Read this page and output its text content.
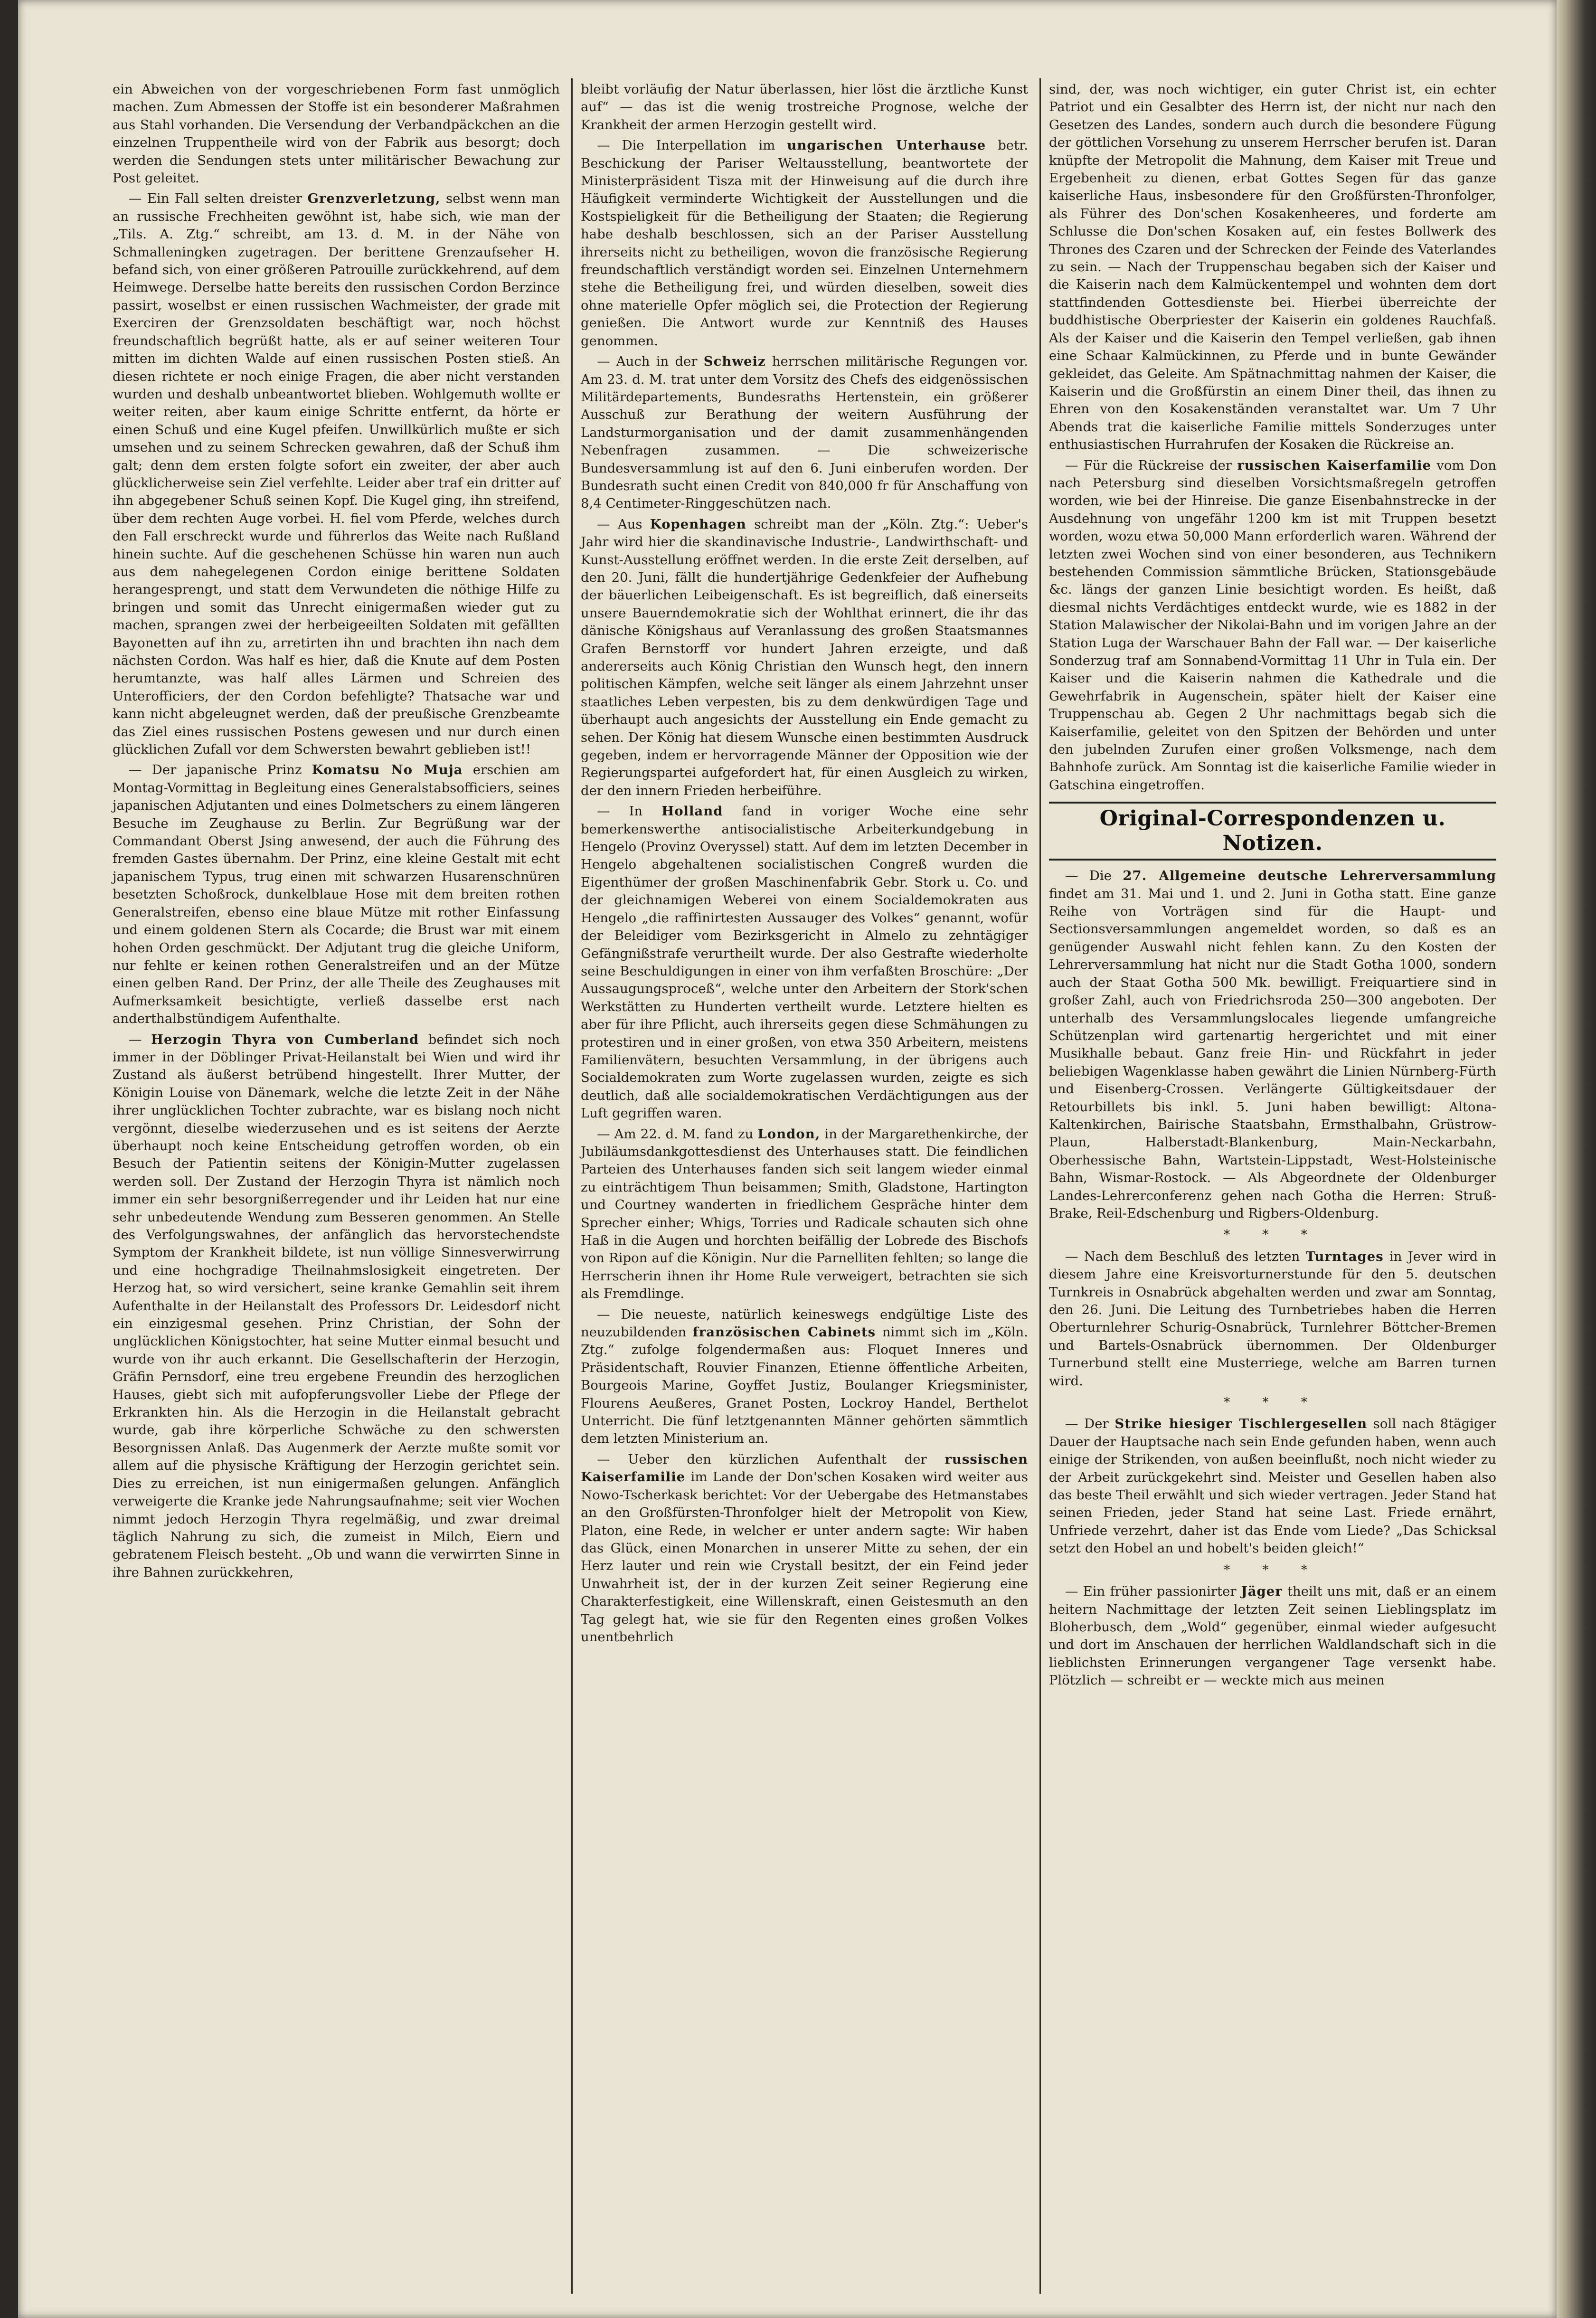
ein Abweichen von der vorgeschriebenen Form fast unmöglich machen. Zum Abmessen der Stoffe ist ein besonderer Maßrahmen aus Stahl vorhanden. Die Versendung der Verbandpäckchen an die einzelnen Truppentheile wird von der Fabrik aus besorgt; doch werden die Sendungen stets unter militärischer Bewachung zur Post geleitet.

— Ein Fall selten dreister Grenzverletzung, selbst wenn man an russische Frechheiten gewöhnt ist, habe sich, wie man der „Tils. A. Ztg.“ schreibt, am 13. d. M. in der Nähe von Schmalleningken zugetragen. Der berittene Grenzaufseher H. befand sich, von einer größeren Patrouille zurückkehrend, auf dem Heimwege. Derselbe hatte bereits den russischen Cordon Berzince passirt, woselbst er einen russischen Wachmeister, der grade mit Exerciren der Grenzsoldaten beschäftigt war, noch höchst freundschaftlich begrüßt hatte, als er auf seiner weiteren Tour mitten im dichten Walde auf einen russischen Posten stieß. An diesen richtete er noch einige Fragen, die aber nicht verstanden wurden und deshalb unbeantwortet blieben. Wohlgemuth wollte er weiter reiten, aber kaum einige Schritte entfernt, da hörte er einen Schuß und eine Kugel pfeifen. Unwillkürlich mußte er sich umsehen und zu seinem Schrecken gewahren, daß der Schuß ihm galt; denn dem ersten folgte sofort ein zweiter, der aber auch glücklicherweise sein Ziel verfehlte. Leider aber traf ein dritter auf ihn abgegebener Schuß seinen Kopf. Die Kugel ging, ihn streifend, über dem rechten Auge vorbei. H. fiel vom Pferde, welches durch den Fall erschreckt wurde und führerlos das Weite nach Rußland hinein suchte. Auf die geschehenen Schüsse hin waren nun auch aus dem nahegelegenen Cordon einige berittene Soldaten herangesprengt, und statt dem Verwundeten die nöthige Hilfe zu bringen und somit das Unrecht einigermaßen wieder gut zu machen, sprangen zwei der herbeigeeilten Soldaten mit gefällten Bayonetten auf ihn zu, arretirten ihn und brachten ihn nach dem nächsten Cordon. Was half es hier, daß die Knute auf dem Posten herumtanzte, was half alles Lärmen und Schreien des Unterofficiers, der den Cordon befehligte? Thatsache war und kann nicht abgeleugnet werden, daß der preußische Grenzbeamte das Ziel eines russischen Postens gewesen und nur durch einen glücklichen Zufall vor dem Schwersten bewahrt geblieben ist!!

— Der japanische Prinz Komatsu No Muja erschien am Montag-Vormittag in Begleitung eines Generalstabsofficiers, seines japanischen Adjutanten und eines Dolmetschers zu einem längeren Besuche im Zeughause zu Berlin. Zur Begrüßung war der Commandant Oberst Jsing anwesend, der auch die Führung des fremden Gastes übernahm. Der Prinz, eine kleine Gestalt mit echt japanischem Typus, trug einen mit schwarzen Husarenschnüren besetzten Schoßrock, dunkelblaue Hose mit dem breiten rothen Generalstreifen, ebenso eine blaue Mütze mit rother Einfassung und einem goldenen Stern als Cocarde; die Brust war mit einem hohen Orden geschmückt. Der Adjutant trug die gleiche Uniform, nur fehlte er keinen rothen Generalstreifen und an der Mütze einen gelben Rand. Der Prinz, der alle Theile des Zeughauses mit Aufmerksamkeit besichtigte, verließ dasselbe erst nach anderthalbstündigem Aufenthalte.

— Herzogin Thyra von Cumberland befindet sich noch immer in der Döblinger Privat-Heilanstalt bei Wien und wird ihr Zustand als äußerst betrübend hingestellt. Ihrer Mutter, der Königin Louise von Dänemark, welche die letzte Zeit in der Nähe ihrer unglücklichen Tochter zubrachte, war es bislang noch nicht vergönnt, dieselbe wiederzusehen und es ist seitens der Aerzte überhaupt noch keine Entscheidung getroffen worden, ob ein Besuch der Patientin seitens der Königin-Mutter zugelassen werden soll. Der Zustand der Herzogin Thyra ist nämlich noch immer ein sehr besorgnißerregender und ihr Leiden hat nur eine sehr unbedeutende Wendung zum Besseren genommen. An Stelle des Verfolgungswahnes, der anfänglich das hervorstechendste Symptom der Krankheit bildete, ist nun völlige Sinnesverwirrung und eine hochgradige Theilnahmslosigkeit eingetreten. Der Herzog hat, so wird versichert, seine kranke Gemahlin seit ihrem Aufenthalte in der Heilanstalt des Professors Dr. Leidesdorf nicht ein einzigesmal gesehen. Prinz Christian, der Sohn der unglücklichen Königstochter, hat seine Mutter einmal besucht und wurde von ihr auch erkannt. Die Gesellschafterin der Herzogin, Gräfin Pernsdorf, eine treu ergebene Freundin des herzoglichen Hauses, giebt sich mit aufopferungsvoller Liebe der Pflege der Erkrankten hin. Als die Herzogin in die Heilanstalt gebracht wurde, gab ihre körperliche Schwäche zu den schwersten Besorgnissen Anlaß. Das Augenmerk der Aerzte mußte somit vor allem auf die physische Kräftigung der Herzogin gerichtet sein. Dies zu erreichen, ist nun einigermaßen gelungen. Anfänglich verweigerte die Kranke jede Nahrungsaufnahme; seit vier Wochen nimmt jedoch Herzogin Thyra regelmäßig, und zwar dreimal täglich Nahrung zu sich, die zumeist in Milch, Eiern und gebratenem Fleisch besteht. „Ob und wann die verwirrten Sinne in ihre Bahnen zurückkehren,

bleibt vorläufig der Natur überlassen, hier löst die ärztliche Kunst auf“ — das ist die wenig trostreiche Prognose, welche der Krankheit der armen Herzogin gestellt wird.

— Die Interpellation im ungarischen Unterhause betr. Beschickung der Pariser Weltausstellung, beantwortete der Ministerpräsident Tisza mit der Hinweisung auf die durch ihre Häufigkeit verminderte Wichtigkeit der Ausstellungen und die Kostspieligkeit für die Betheiligung der Staaten; die Regierung habe deshalb beschlossen, sich an der Pariser Ausstellung ihrerseits nicht zu betheiligen, wovon die französische Regierung freundschaftlich verständigt worden sei. Einzelnen Unternehmern stehe die Betheiligung frei, und würden dieselben, soweit dies ohne materielle Opfer möglich sei, die Protection der Regierung genießen. Die Antwort wurde zur Kenntniß des Hauses genommen.

— Auch in der Schweiz herrschen militärische Regungen vor. Am 23. d. M. trat unter dem Vorsitz des Chefs des eidgenössischen Militärdepartements, Bundesraths Hertenstein, ein größerer Ausschuß zur Berathung der weitern Ausführung der Landsturmorganisation und der damit zusammenhängenden Nebenfragen zusammen. — Die schweizerische Bundesversammlung ist auf den 6. Juni einberufen worden. Der Bundesrath sucht einen Credit von 840,000 fr für Anschaffung von 8,4 Centimeter-Ringgeschützen nach.

— Aus Kopenhagen schreibt man der „Köln. Ztg.“: Ueber's Jahr wird hier die skandinavische Industrie-, Landwirthschaft- und Kunst-Ausstellung eröffnet werden. In die erste Zeit derselben, auf den 20. Juni, fällt die hundertjährige Gedenkfeier der Aufhebung der bäuerlichen Leibeigenschaft. Es ist begreiflich, daß einerseits unsere Bauerndemokratie sich der Wohlthat erinnert, die ihr das dänische Königshaus auf Veranlassung des großen Staatsmannes Grafen Bernstorff vor hundert Jahren erzeigte, und daß andererseits auch König Christian den Wunsch hegt, den innern politischen Kämpfen, welche seit länger als einem Jahrzehnt unser staatliches Leben verpesten, bis zu dem denkwürdigen Tage und überhaupt auch angesichts der Ausstellung ein Ende gemacht zu sehen. Der König hat diesem Wunsche einen bestimmten Ausdruck gegeben, indem er hervorragende Männer der Opposition wie der Regierungspartei aufgefordert hat, für einen Ausgleich zu wirken, der den innern Frieden herbeiführe.

— In Holland fand in voriger Woche eine sehr bemerkenswerthe antisocialistische Arbeiterkundgebung in Hengelo (Provinz Overyssel) statt. Auf dem im letzten December in Hengelo abgehaltenen socialistischen Congreß wurden die Eigenthümer der großen Maschinenfabrik Gebr. Stork u. Co. und der gleichnamigen Weberei von einem Socialdemokraten aus Hengelo „die raffinirtesten Aussauger des Volkes“ genannt, wofür der Beleidiger vom Bezirksgericht in Almelo zu zehntägiger Gefängnißstrafe verurtheilt wurde. Der also Gestrafte wiederholte seine Beschuldigungen in einer von ihm verfaßten Broschüre: „Der Aussaugungsproceß“, welche unter den Arbeitern der Stork'schen Werkstätten zu Hunderten vertheilt wurde. Letztere hielten es aber für ihre Pflicht, auch ihrerseits gegen diese Schmähungen zu protestiren und in einer großen, von etwa 350 Arbeitern, meistens Familienvätern, besuchten Versammlung, in der übrigens auch Socialdemokraten zum Worte zugelassen wurden, zeigte es sich deutlich, daß alle socialdemokratischen Verdächtigungen aus der Luft gegriffen waren.

— Am 22. d. M. fand zu London, in der Margarethenkirche, der Jubiläumsdankgottesdienst des Unterhauses statt. Die feindlichen Parteien des Unterhauses fanden sich seit langem wieder einmal zu einträchtigem Thun beisammen; Smith, Gladstone, Hartington und Courtney wanderten in friedlichem Gespräche hinter dem Sprecher einher; Whigs, Torries und Radicale schauten sich ohne Haß in die Augen und horchten beifällig der Lobrede des Bischofs von Ripon auf die Königin. Nur die Parnelliten fehlten; so lange die Herrscherin ihnen ihr Home Rule verweigert, betrachten sie sich als Fremdlinge.

— Die neueste, natürlich keineswegs endgültige Liste des neuzubildenden französischen Cabinets nimmt sich im „Köln. Ztg.“ zufolge folgendermaßen aus: Floquet Inneres und Präsidentschaft, Rouvier Finanzen, Etienne öffentliche Arbeiten, Bourgeois Marine, Goyffet Justiz, Boulanger Kriegsminister, Flourens Aeußeres, Granet Posten, Lockroy Handel, Berthelot Unterricht. Die fünf letztgenannten Männer gehörten sämmtlich dem letzten Ministerium an.

— Ueber den kürzlichen Aufenthalt der russischen Kaiserfamilie im Lande der Don'schen Kosaken wird weiter aus Nowo-Tscherkask berichtet: Vor der Uebergabe des Hetmanstabes an den Großfürsten-Thronfolger hielt der Metropolit von Kiew, Platon, eine Rede, in welcher er unter andern sagte: Wir haben das Glück, einen Monarchen in unserer Mitte zu sehen, der ein Herz lauter und rein wie Crystall besitzt, der ein Feind jeder Unwahrheit ist, der in der kurzen Zeit seiner Regierung eine Charakterfestigkeit, eine Willenskraft, einen Geistesmuth an den Tag gelegt hat, wie sie für den Regenten eines großen Volkes unentbehrlich

sind, der, was noch wichtiger, ein guter Christ ist, ein echter Patriot und ein Gesalbter des Herrn ist, der nicht nur nach den Gesetzen des Landes, sondern auch durch die besondere Fügung der göttlichen Vorsehung zu unserem Herrscher berufen ist. Daran knüpfte der Metropolit die Mahnung, dem Kaiser mit Treue und Ergebenheit zu dienen, erbat Gottes Segen für das ganze kaiserliche Haus, insbesondere für den Großfürsten-Thronfolger, als Führer des Don'schen Kosakenheeres, und forderte am Schlusse die Don'schen Kosaken auf, ein festes Bollwerk des Thrones des Czaren und der Schrecken der Feinde des Vaterlandes zu sein. — Nach der Truppenschau begaben sich der Kaiser und die Kaiserin nach dem Kalmückentempel und wohnten dem dort stattfindenden Gottesdienste bei. Hierbei überreichte der buddhistische Oberpriester der Kaiserin ein goldenes Rauchfaß. Als der Kaiser und die Kaiserin den Tempel verließen, gab ihnen eine Schaar Kalmückinnen, zu Pferde und in bunte Gewänder gekleidet, das Geleite. Am Spätnachmittag nahmen der Kaiser, die Kaiserin und die Großfürstin an einem Diner theil, das ihnen zu Ehren von den Kosakenständen veranstaltet war. Um 7 Uhr Abends trat die kaiserliche Familie mittels Sonderzuges unter enthusiastischen Hurrahrufen der Kosaken die Rückreise an.

— Für die Rückreise der russischen Kaiserfamilie vom Don nach Petersburg sind dieselben Vorsichtsmaßregeln getroffen worden, wie bei der Hinreise. Die ganze Eisenbahnstrecke in der Ausdehnung von ungefähr 1200 km ist mit Truppen besetzt worden, wozu etwa 50,000 Mann erforderlich waren. Während der letzten zwei Wochen sind von einer besonderen, aus Technikern bestehenden Commission sämmtliche Brücken, Stationsgebäude &c. längs der ganzen Linie besichtigt worden. Es heißt, daß diesmal nichts Verdächtiges entdeckt wurde, wie es 1882 in der Station Malawischer der Nikolai-Bahn und im vorigen Jahre an der Station Luga der Warschauer Bahn der Fall war. — Der kaiserliche Sonderzug traf am Sonnabend-Vormittag 11 Uhr in Tula ein. Der Kaiser und die Kaiserin nahmen die Kathedrale und die Gewehrfabrik in Augenschein, später hielt der Kaiser eine Truppenschau ab. Gegen 2 Uhr nachmittags begab sich die Kaiserfamilie, geleitet von den Spitzen der Behörden und unter den jubelnden Zurufen einer großen Volksmenge, nach dem Bahnhofe zurück. Am Sonntag ist die kaiserliche Familie wieder in Gatschina eingetroffen.

Original-Correspondenzen u. Notizen.

— Die 27. Allgemeine deutsche Lehrerversammlung findet am 31. Mai und 1. und 2. Juni in Gotha statt. Eine ganze Reihe von Vorträgen sind für die Haupt- und Sectionsversammlungen angemeldet worden, so daß es an genügender Auswahl nicht fehlen kann. Zu den Kosten der Lehrerversammlung hat nicht nur die Stadt Gotha 1000, sondern auch der Staat Gotha 500 Mk. bewilligt. Freiquartiere sind in großer Zahl, auch von Friedrichsroda 250—300 angeboten. Der unterhalb des Versammlungslocales liegende umfangreiche Schützenplan wird gartenartig hergerichtet und mit einer Musikhalle bebaut. Ganz freie Hin- und Rückfahrt in jeder beliebigen Wagenklasse haben gewährt die Linien Nürnberg-Fürth und Eisenberg-Crossen. Verlängerte Gültigkeitsdauer der Retourbillets bis inkl. 5. Juni haben bewilligt: Altona-Kaltenkirchen, Bairische Staatsbahn, Ermsthalbahn, Grüstrow-Plaun, Halberstadt-Blankenburg, Main-Neckarbahn, Oberhessische Bahn, Wartstein-Lippstadt, West-Holsteinische Bahn, Wismar-Rostock. — Als Abgeordnete der Oldenburger Landes-Lehrerconferenz gehen nach Gotha die Herren: Struß-Brake, Reil-Edschenburg und Rigbers-Oldenburg.

* * *

— Nach dem Beschluß des letzten Turntages in Jever wird in diesem Jahre eine Kreisvorturnerstunde für den 5. deutschen Turnkreis in Osnabrück abgehalten werden und zwar am Sonntag, den 26. Juni. Die Leitung des Turnbetriebes haben die Herren Oberturnlehrer Schurig-Osnabrück, Turnlehrer Böttcher-Bremen und Bartels-Osnabrück übernommen. Der Oldenburger Turnerbund stellt eine Musterriege, welche am Barren turnen wird.

* * *

— Der Strike hiesiger Tischlergesellen soll nach 8tägiger Dauer der Hauptsache nach sein Ende gefunden haben, wenn auch einige der Strikenden, von außen beeinflußt, noch nicht wieder zu der Arbeit zurückgekehrt sind. Meister und Gesellen haben also das beste Theil erwählt und sich wieder vertragen. Jeder Stand hat seinen Frieden, jeder Stand hat seine Last. Friede ernährt, Unfriede verzehrt, daher ist das Ende vom Liede? „Das Schicksal setzt den Hobel an und hobelt's beiden gleich!“

* * *

— Ein früher passionirter Jäger theilt uns mit, daß er an einem heitern Nachmittage der letzten Zeit seinen Lieblingsplatz im Bloherbusch, dem „Wold“ gegenüber, einmal wieder aufgesucht und dort im Anschauen der herrlichen Waldlandschaft sich in die lieblichsten Erinnerungen vergangener Tage versenkt habe. Plötzlich — schreibt er — weckte mich aus meinen
